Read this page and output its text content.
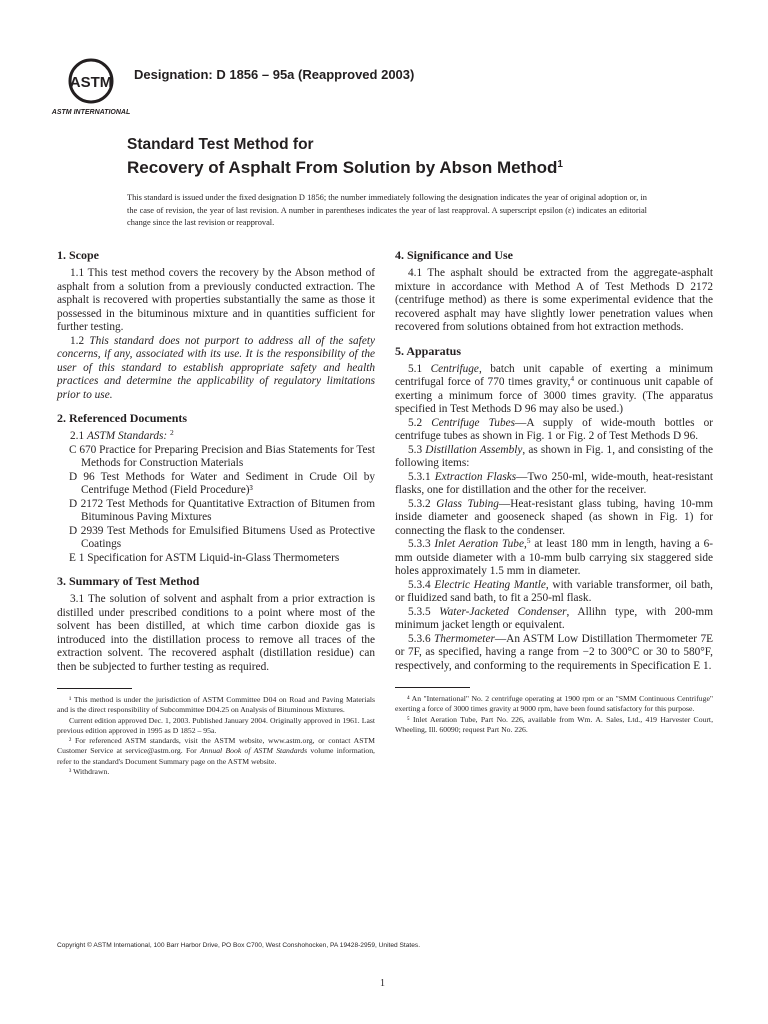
ASTM
ASTM INTERNATIONAL
Designation: D 1856 – 95a (Reapproved 2003)
Standard Test Method for
Recovery of Asphalt From Solution by Abson Method$^1$
This standard is issued under the fixed designation D 1856; the number immediately following the designation indicates the year of original adoption or, in the case of revision, the year of last revision. A number in parentheses indicates the year of last reapproval. A superscript epsilon (ε) indicates an editorial change since the last revision or reapproval.
1. Scope

1.1 This test method covers the recovery by the Abson method of asphalt from a solution from a previously conducted extraction. The asphalt is recovered with properties substantially the same as those it possessed in the bituminous mixture and in quantities sufficient for further testing.

1.2 This standard does not purport to address all of the safety concerns, if any, associated with its use. It is the responsibility of the user of this standard to establish appropriate safety and health practices and determine the applicability of regulatory limitations prior to use.

2. Referenced Documents

2.1 ASTM Standards: $^2$

C 670 Practice for Preparing Precision and Bias Statements for Test Methods for Construction Materials

D 96 Test Methods for Water and Sediment in Crude Oil by Centrifuge Method (Field Procedure)³

D 2172 Test Methods for Quantitative Extraction of Bitumen from Bituminous Paving Mixtures

D 2939 Test Methods for Emulsified Bitumens Used as Protective Coatings

E 1 Specification for ASTM Liquid-in-Glass Thermometers

3. Summary of Test Method

3.1 The solution of solvent and asphalt from a prior extraction is distilled under prescribed conditions to a point where most of the solvent has been distilled, at which time carbon dioxide gas is introduced into the distillation process to remove all traces of the extraction solvent. The recovered asphalt (distillation residue) can then be subjected to further testing as required.

¹ This method is under the jurisdiction of ASTM Committee D04 on Road and Paving Materials and is the direct responsibility of Subcommittee D04.25 on Analysis of Bituminous Mixtures.

Current edition approved Dec. 1, 2003. Published January 2004. Originally approved in 1961. Last previous edition approved in 1995 as D 1852 – 95a.

² For referenced ASTM standards, visit the ASTM website, www.astm.org, or contact ASTM Customer Service at service@astm.org. For Annual Book of ASTM Standards volume information, refer to the standard's Document Summary page on the ASTM website.

³ Withdrawn.

4. Significance and Use

4.1 The asphalt should be extracted from the aggregate-asphalt mixture in accordance with Method A of Test Methods D 2172 (centrifuge method) as there is some experimental evidence that the recovered asphalt may have slightly lower penetration values when recovered from solutions obtained from hot extraction methods.

5. Apparatus

5.1 Centrifuge, batch unit capable of exerting a minimum centrifugal force of 770 times gravity,$^4$ or continuous unit capable of exerting a minimum force of 3000 times gravity. (The apparatus specified in Test Methods D 96 may also be used.)

5.2 Centrifuge Tubes—A supply of wide-mouth bottles or centrifuge tubes as shown in Fig. 1 or Fig. 2 of Test Methods D 96.

5.3 Distillation Assembly, as shown in Fig. 1, and consisting of the following items:

5.3.1 Extraction Flasks—Two 250-ml, wide-mouth, heat-resistant flasks, one for distillation and the other for the receiver.

5.3.2 Glass Tubing—Heat-resistant glass tubing, having 10-mm inside diameter and gooseneck shaped (as shown in Fig. 1) for connecting the flask to the condenser.

5.3.3 Inlet Aeration Tube,$^5$ at least 180 mm in length, having a 6-mm outside diameter with a 10-mm bulb carrying six staggered side holes approximately 1.5 mm in diameter.

5.3.4 Electric Heating Mantle, with variable transformer, oil bath, or fluidized sand bath, to fit a 250-ml flask.

5.3.5 Water-Jacketed Condenser, Allihn type, with 200-mm minimum jacket length or equivalent.

5.3.6 Thermometer—An ASTM Low Distillation Thermometer 7E or 7F, as specified, having a range from −2 to 300°C or 30 to 580°F, respectively, and conforming to the requirements in Specification E 1.

⁴ An "International" No. 2 centrifuge operating at 1900 rpm or an "SMM Continuous Centrifuge" exerting a force of 3000 times gravity at 9000 rpm, have been found satisfactory for this purpose.

⁵ Inlet Aeration Tube, Part No. 226, available from Wm. A. Sales, Ltd., 419 Harvester Court, Wheeling, Ill. 60090; request Part No. 226.

Copyright © ASTM International, 100 Barr Harbor Drive, PO Box C700, West Conshohocken, PA 19428-2959, United States.
1
